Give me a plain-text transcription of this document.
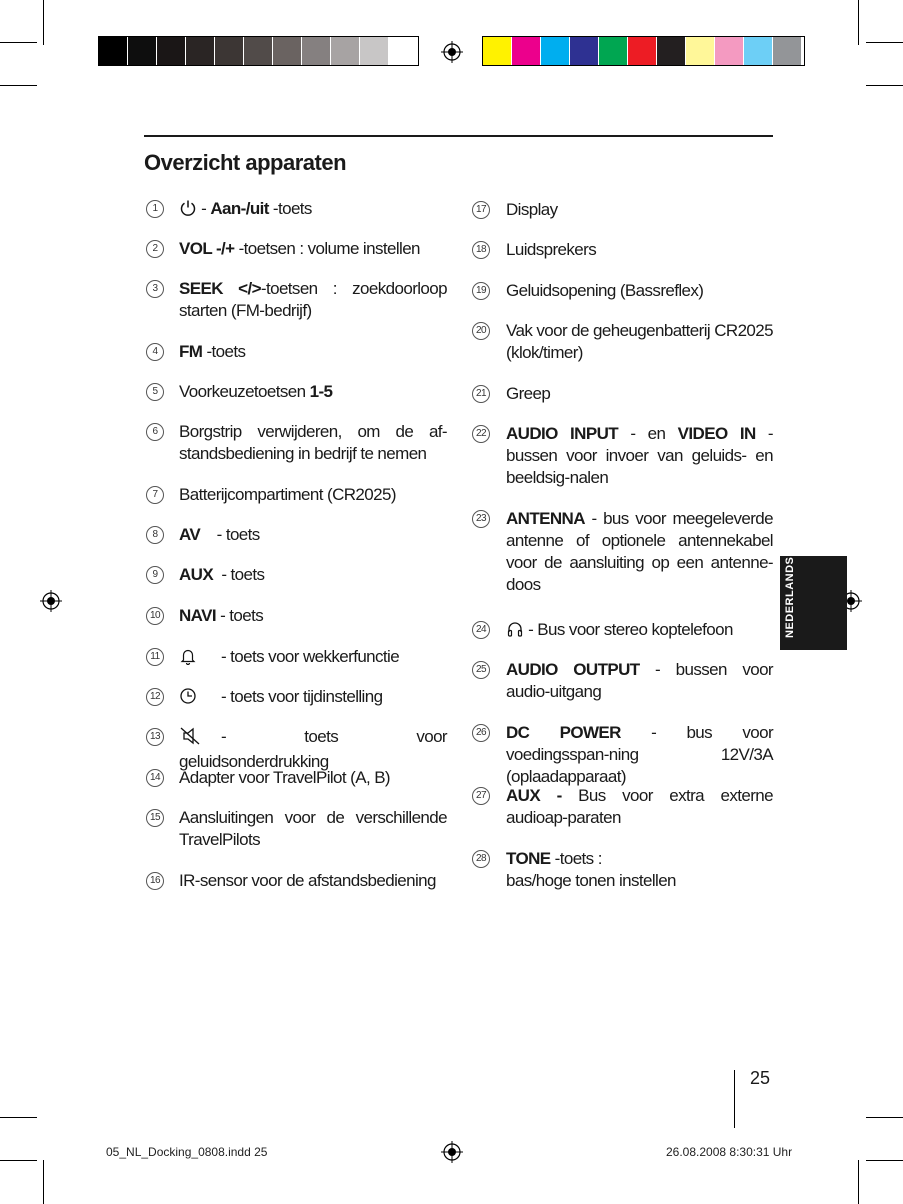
Overzicht apparaten
1	- Aan-/uit -toets
2	VOL -/+ -toetsen : volume instellen
3	SEEK </>-toetsen : zoekdoorloop starten (FM-bedrijf)
4	FM -toets
5	Voorkeuzetoetsen 1-5
6	Borgstrip verwijderen, om de af-standsbediening in bedrijf te nemen
7	Batterijcompartiment (CR2025)
8	AV    - toets
9	AUX  - toets
10 NAVI - toets
11	- toets voor wekkerfunctie
12	- toets voor tijdinstelling
13	- toets voor geluidsonderdrukking
14 Adapter voor TravelPilot (A, B)
15 Aansluitingen voor de verschillende TravelPilots
16 IR-sensor voor de afstandsbediening
17 Display
18 Luidsprekers
19 Geluidsopening (Bassreflex)
20 Vak voor de geheugenbatterij CR2025 (klok/timer)
21 Greep
22 AUDIO INPUT - en VIDEO IN - bussen voor invoer van geluids- en beeldsig-nalen
23 ANTENNA - bus voor meegeleverde antenne of optionele antennekabel voor de aansluiting op een antenne-doos
24	- Bus voor stereo koptelefoon
25 AUDIO OUTPUT - bussen voor audio-uitgang
26 DC POWER - bus voor voedingsspan-ning 12V/3A (oplaadapparaat)
27 AUX - Bus voor extra externe audioap-paraten
28 TONE -toets :
bas/hoge tonen instellen
NEDERLANDS
25
05_NL_Docking_0808.indd 25	26.08.2008 8:30:31 Uhr
